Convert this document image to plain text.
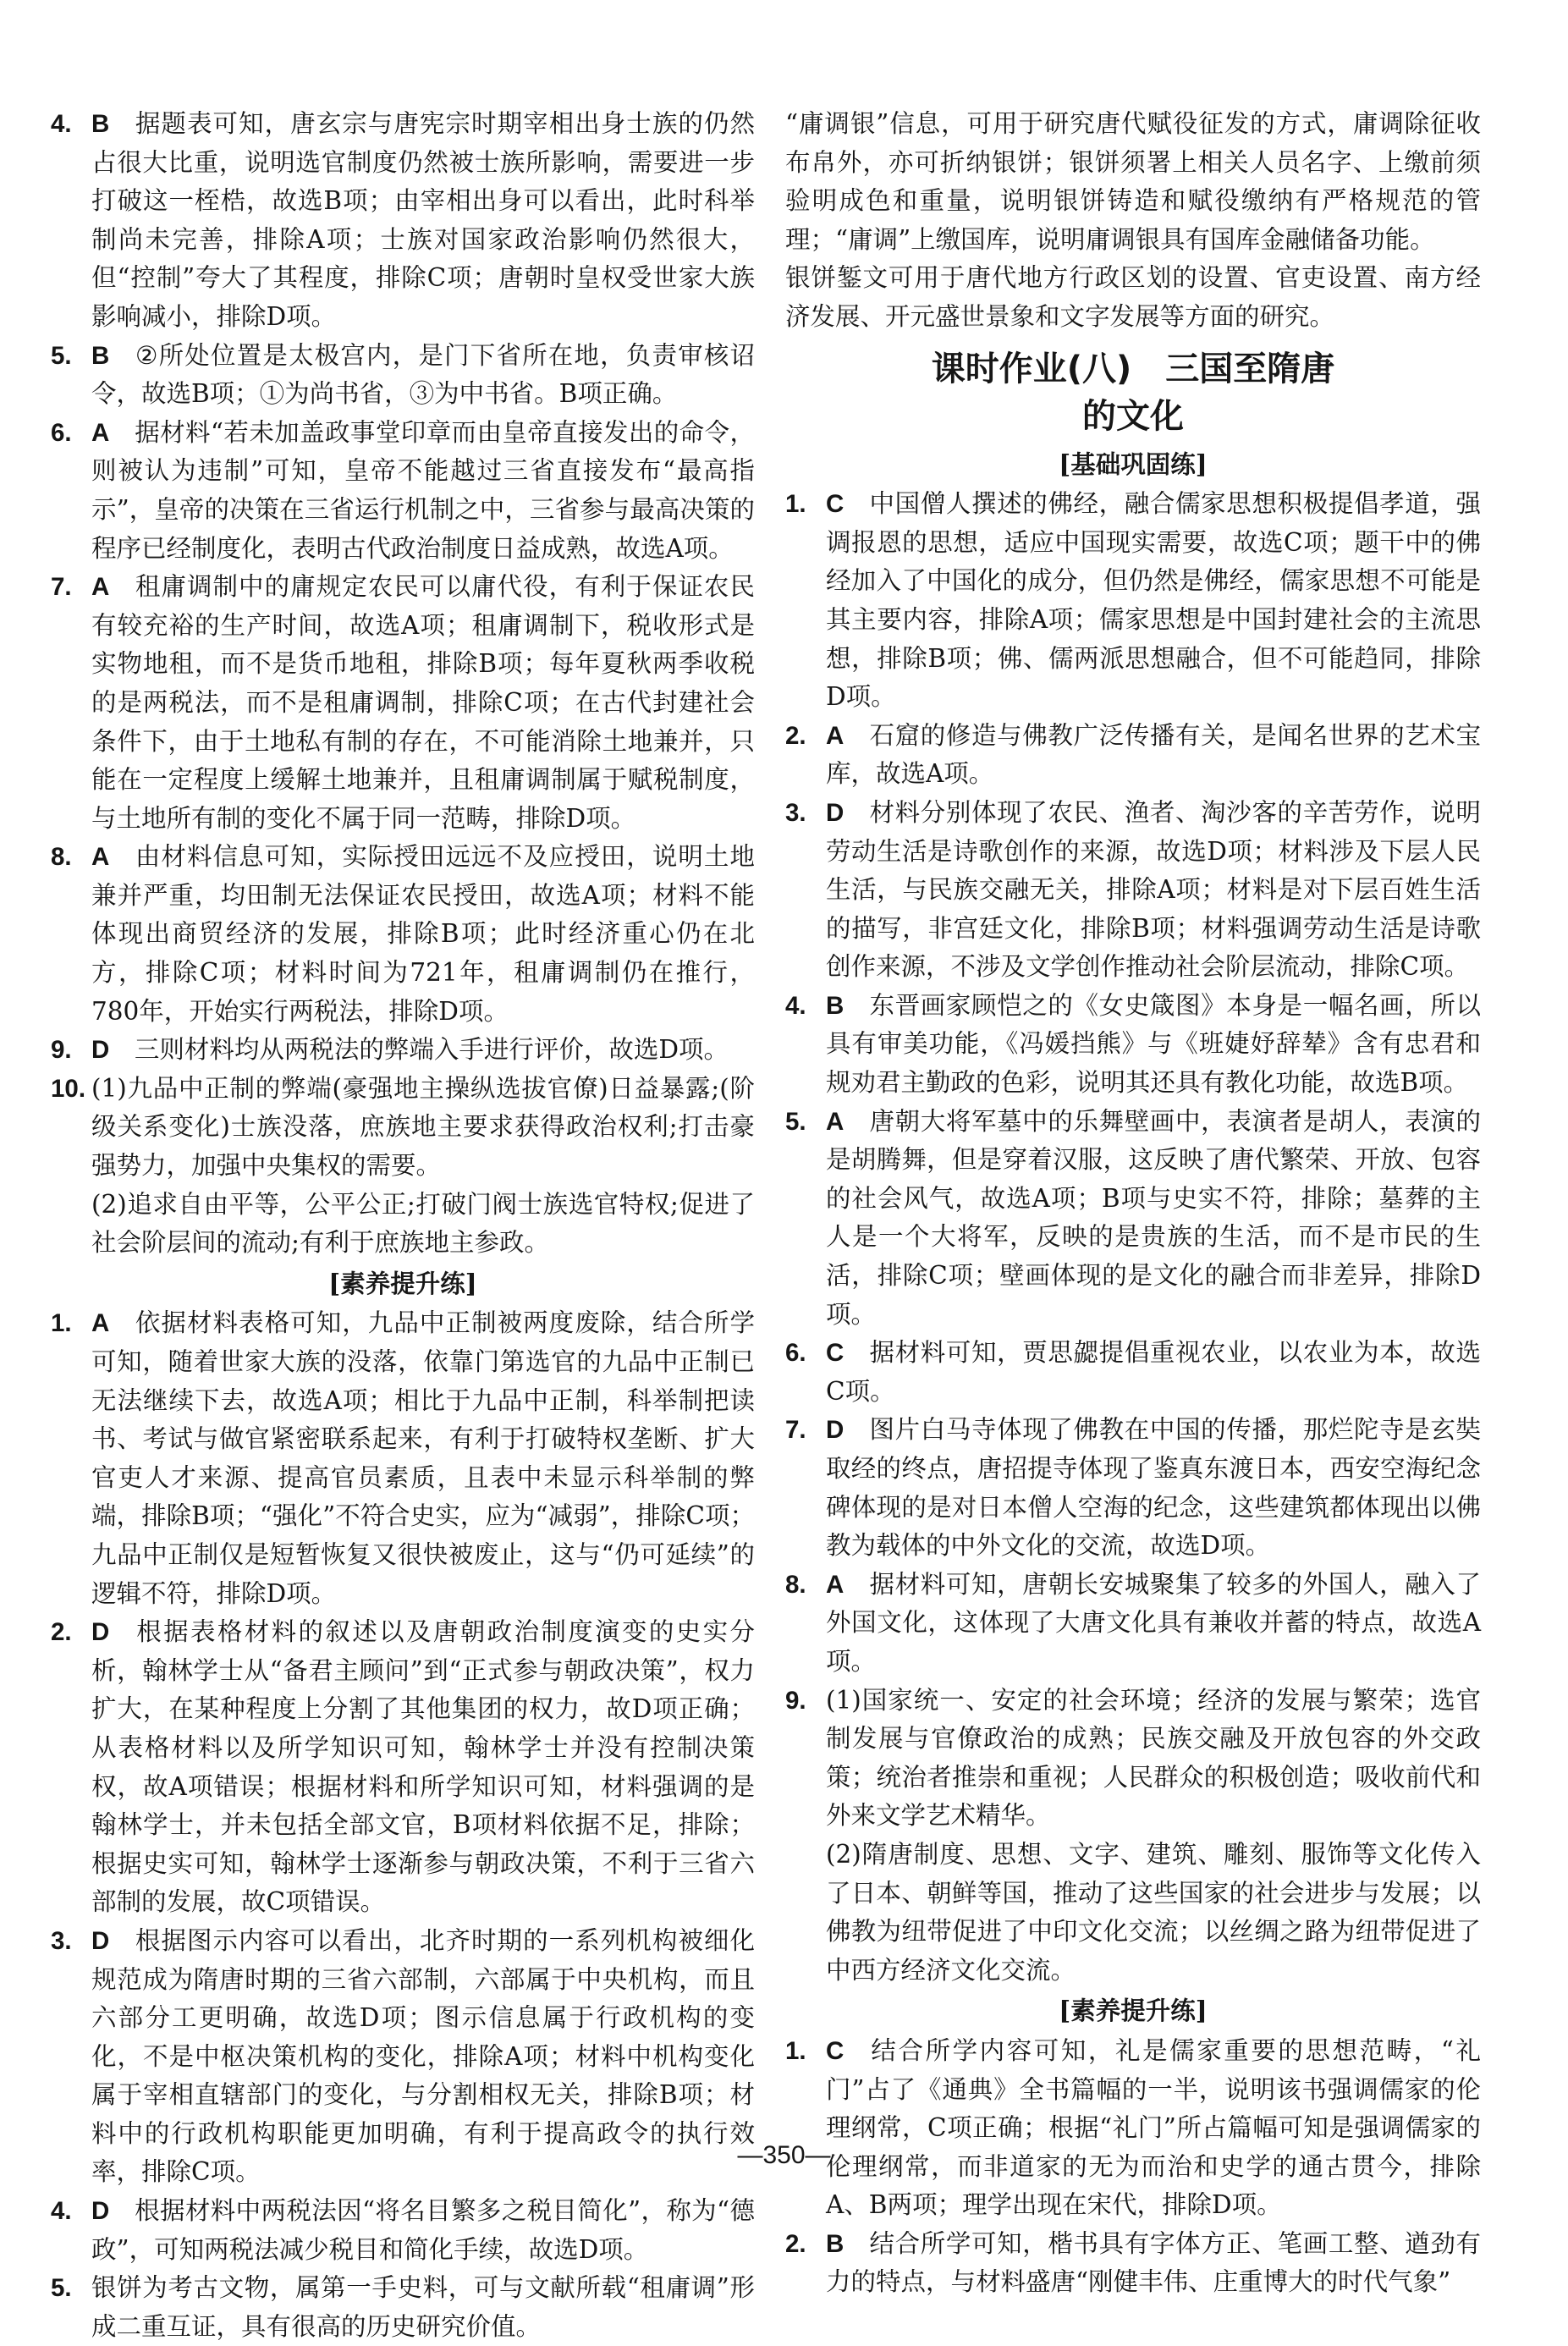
4. B  据题表可知，唐玄宗与唐宪宗时期宰相出身士族的仍然占很大比重，说明选官制度仍然被士族所影响，需要进一步打破这一桎梏，故选B项；由宰相出身可以看出，此时科举制尚未完善，排除A项；士族对国家政治影响仍然很大，但“控制”夸大了其程度，排除C项；唐朝时皇权受世家大族影响减小，排除D项。
5. B  ②所处位置是太极宫内，是门下省所在地，负责审核诏令，故选B项；①为尚书省，③为中书省。B项正确。
6. A  据材料“若未加盖政事堂印章而由皇帝直接发出的命令，则被认为违制”可知，皇帝不能越过三省直接发布“最高指示”，皇帝的决策在三省运行机制之中，三省参与最高决策的程序已经制度化，表明古代政治制度日益成熟，故选A项。
7. A  租庸调制中的庸规定农民可以庸代役，有利于保证农民有较充裕的生产时间，故选A项；租庸调制下，税收形式是实物地租，而不是货币地租，排除B项；每年夏秋两季收税的是两税法，而不是租庸调制，排除C项；在古代封建社会条件下，由于土地私有制的存在，不可能消除土地兼并，只能在一定程度上缓解土地兼并，且租庸调制属于赋税制度，与土地所有制的变化不属于同一范畴，排除D项。
8. A  由材料信息可知，实际授田远远不及应授田，说明土地兼并严重，均田制无法保证农民授田，故选A项；材料不能体现出商贸经济的发展，排除B项；此时经济重心仍在北方，排除C项；材料时间为721年，租庸调制仍在推行，780年，开始实行两税法，排除D项。
9. D  三则材料均从两税法的弊端入手进行评价，故选D项。
10. (1)九品中正制的弊端(豪强地主操纵选拔官僚)日益暴露;(阶级关系变化)士族没落，庶族地主要求获得政治权利;打击豪强势力，加强中央集权的需要。

(2)追求自由平等，公平公正;打破门阀士族选官特权;促进了社会阶层间的流动;有利于庶族地主参政。

[素养提升练]
1. A  依据材料表格可知，九品中正制被两度废除，结合所学可知，随着世家大族的没落，依靠门第选官的九品中正制已无法继续下去，故选A项；相比于九品中正制，科举制把读书、考试与做官紧密联系起来，有利于打破特权垄断、扩大官吏人才来源、提高官员素质，且表中未显示科举制的弊端，排除B项；“强化”不符合史实，应为“减弱”，排除C项；九品中正制仅是短暂恢复又很快被废止，这与“仍可延续”的逻辑不符，排除D项。
2. D  根据表格材料的叙述以及唐朝政治制度演变的史实分析，翰林学士从“备君主顾问”到“正式参与朝政决策”，权力扩大，在某种程度上分割了其他集团的权力，故D项正确；从表格材料以及所学知识可知，翰林学士并没有控制决策权，故A项错误；根据材料和所学知识可知，材料强调的是翰林学士，并未包括全部文官，B项材料依据不足，排除；根据史实可知，翰林学士逐渐参与朝政决策，不利于三省六部制的发展，故C项错误。
3. D  根据图示内容可以看出，北齐时期的一系列机构被细化规范成为隋唐时期的三省六部制，六部属于中央机构，而且六部分工更明确，故选D项；图示信息属于行政机构的变化，不是中枢决策机构的变化，排除A项；材料中机构变化属于宰相直辖部门的变化，与分割相权无关，排除B项；材料中的行政机构职能更加明确，有利于提高政令的执行效率，排除C项。
4. D  根据材料中两税法因“将名目繁多之税目简化”，称为“德政”，可知两税法减少税目和简化手续，故选D项。
5. 银饼为考古文物，属第一手史料，可与文献所载“租庸调”形成二重互证，具有很高的历史研究价值。

“庸调银”信息，可用于研究唐代赋役征发的方式，庸调除征收布帛外，亦可折纳银饼；银饼须署上相关人员名字、上缴前须验明成色和重量，说明银饼铸造和赋役缴纳有严格规范的管理；“庸调”上缴国库，说明庸调银具有国库金融储备功能。

银饼錾文可用于唐代地方行政区划的设置、官吏设置、南方经济发展、开元盛世景象和文字发展等方面的研究。

课时作业(八)　三国至隋唐
的文化
[基础巩固练]
1. C  中国僧人撰述的佛经，融合儒家思想积极提倡孝道，强调报恩的思想，适应中国现实需要，故选C项；题干中的佛经加入了中国化的成分，但仍然是佛经，儒家思想不可能是其主要内容，排除A项；儒家思想是中国封建社会的主流思想，排除B项；佛、儒两派思想融合，但不可能趋同，排除D项。
2. A  石窟的修造与佛教广泛传播有关，是闻名世界的艺术宝库，故选A项。
3. D  材料分别体现了农民、渔者、淘沙客的辛苦劳作，说明劳动生活是诗歌创作的来源，故选D项；材料涉及下层人民生活，与民族交融无关，排除A项；材料是对下层百姓生活的描写，非宫廷文化，排除B项；材料强调劳动生活是诗歌创作来源，不涉及文学创作推动社会阶层流动，排除C项。
4. B  东晋画家顾恺之的《女史箴图》本身是一幅名画，所以具有审美功能，《冯媛挡熊》与《班婕妤辞辇》含有忠君和规劝君主勤政的色彩，说明其还具有教化功能，故选B项。
5. A  唐朝大将军墓中的乐舞壁画中，表演者是胡人，表演的是胡腾舞，但是穿着汉服，这反映了唐代繁荣、开放、包容的社会风气，故选A项；B项与史实不符，排除；墓葬的主人是一个大将军，反映的是贵族的生活，而不是市民的生活，排除C项；壁画体现的是文化的融合而非差异，排除D项。
6. C  据材料可知，贾思勰提倡重视农业，以农业为本，故选C项。
7. D  图片白马寺体现了佛教在中国的传播，那烂陀寺是玄奘取经的终点，唐招提寺体现了鉴真东渡日本，西安空海纪念碑体现的是对日本僧人空海的纪念，这些建筑都体现出以佛教为载体的中外文化的交流，故选D项。
8. A  据材料可知，唐朝长安城聚集了较多的外国人，融入了外国文化，这体现了大唐文化具有兼收并蓄的特点，故选A项。
9. (1)国家统一、安定的社会环境；经济的发展与繁荣；选官制发展与官僚政治的成熟；民族交融及开放包容的外交政策；统治者推崇和重视；人民群众的积极创造；吸收前代和外来文学艺术精华。

(2)隋唐制度、思想、文字、建筑、雕刻、服饰等文化传入了日本、朝鲜等国，推动了这些国家的社会进步与发展；以佛教为纽带促进了中印文化交流；以丝绸之路为纽带促进了中西方经济文化交流。

[素养提升练]
1. C  结合所学内容可知，礼是儒家重要的思想范畴，“礼门”占了《通典》全书篇幅的一半，说明该书强调儒家的伦理纲常，C项正确；根据“礼门”所占篇幅可知是强调儒家的伦理纲常，而非道家的无为而治和史学的通古贯今，排除A、B两项；理学出现在宋代，排除D项。
2. B  结合所学可知，楷书具有字体方正、笔画工整、遒劲有力的特点，与材料盛唐“刚健丰伟、庄重博大的时代气象”
—350—
